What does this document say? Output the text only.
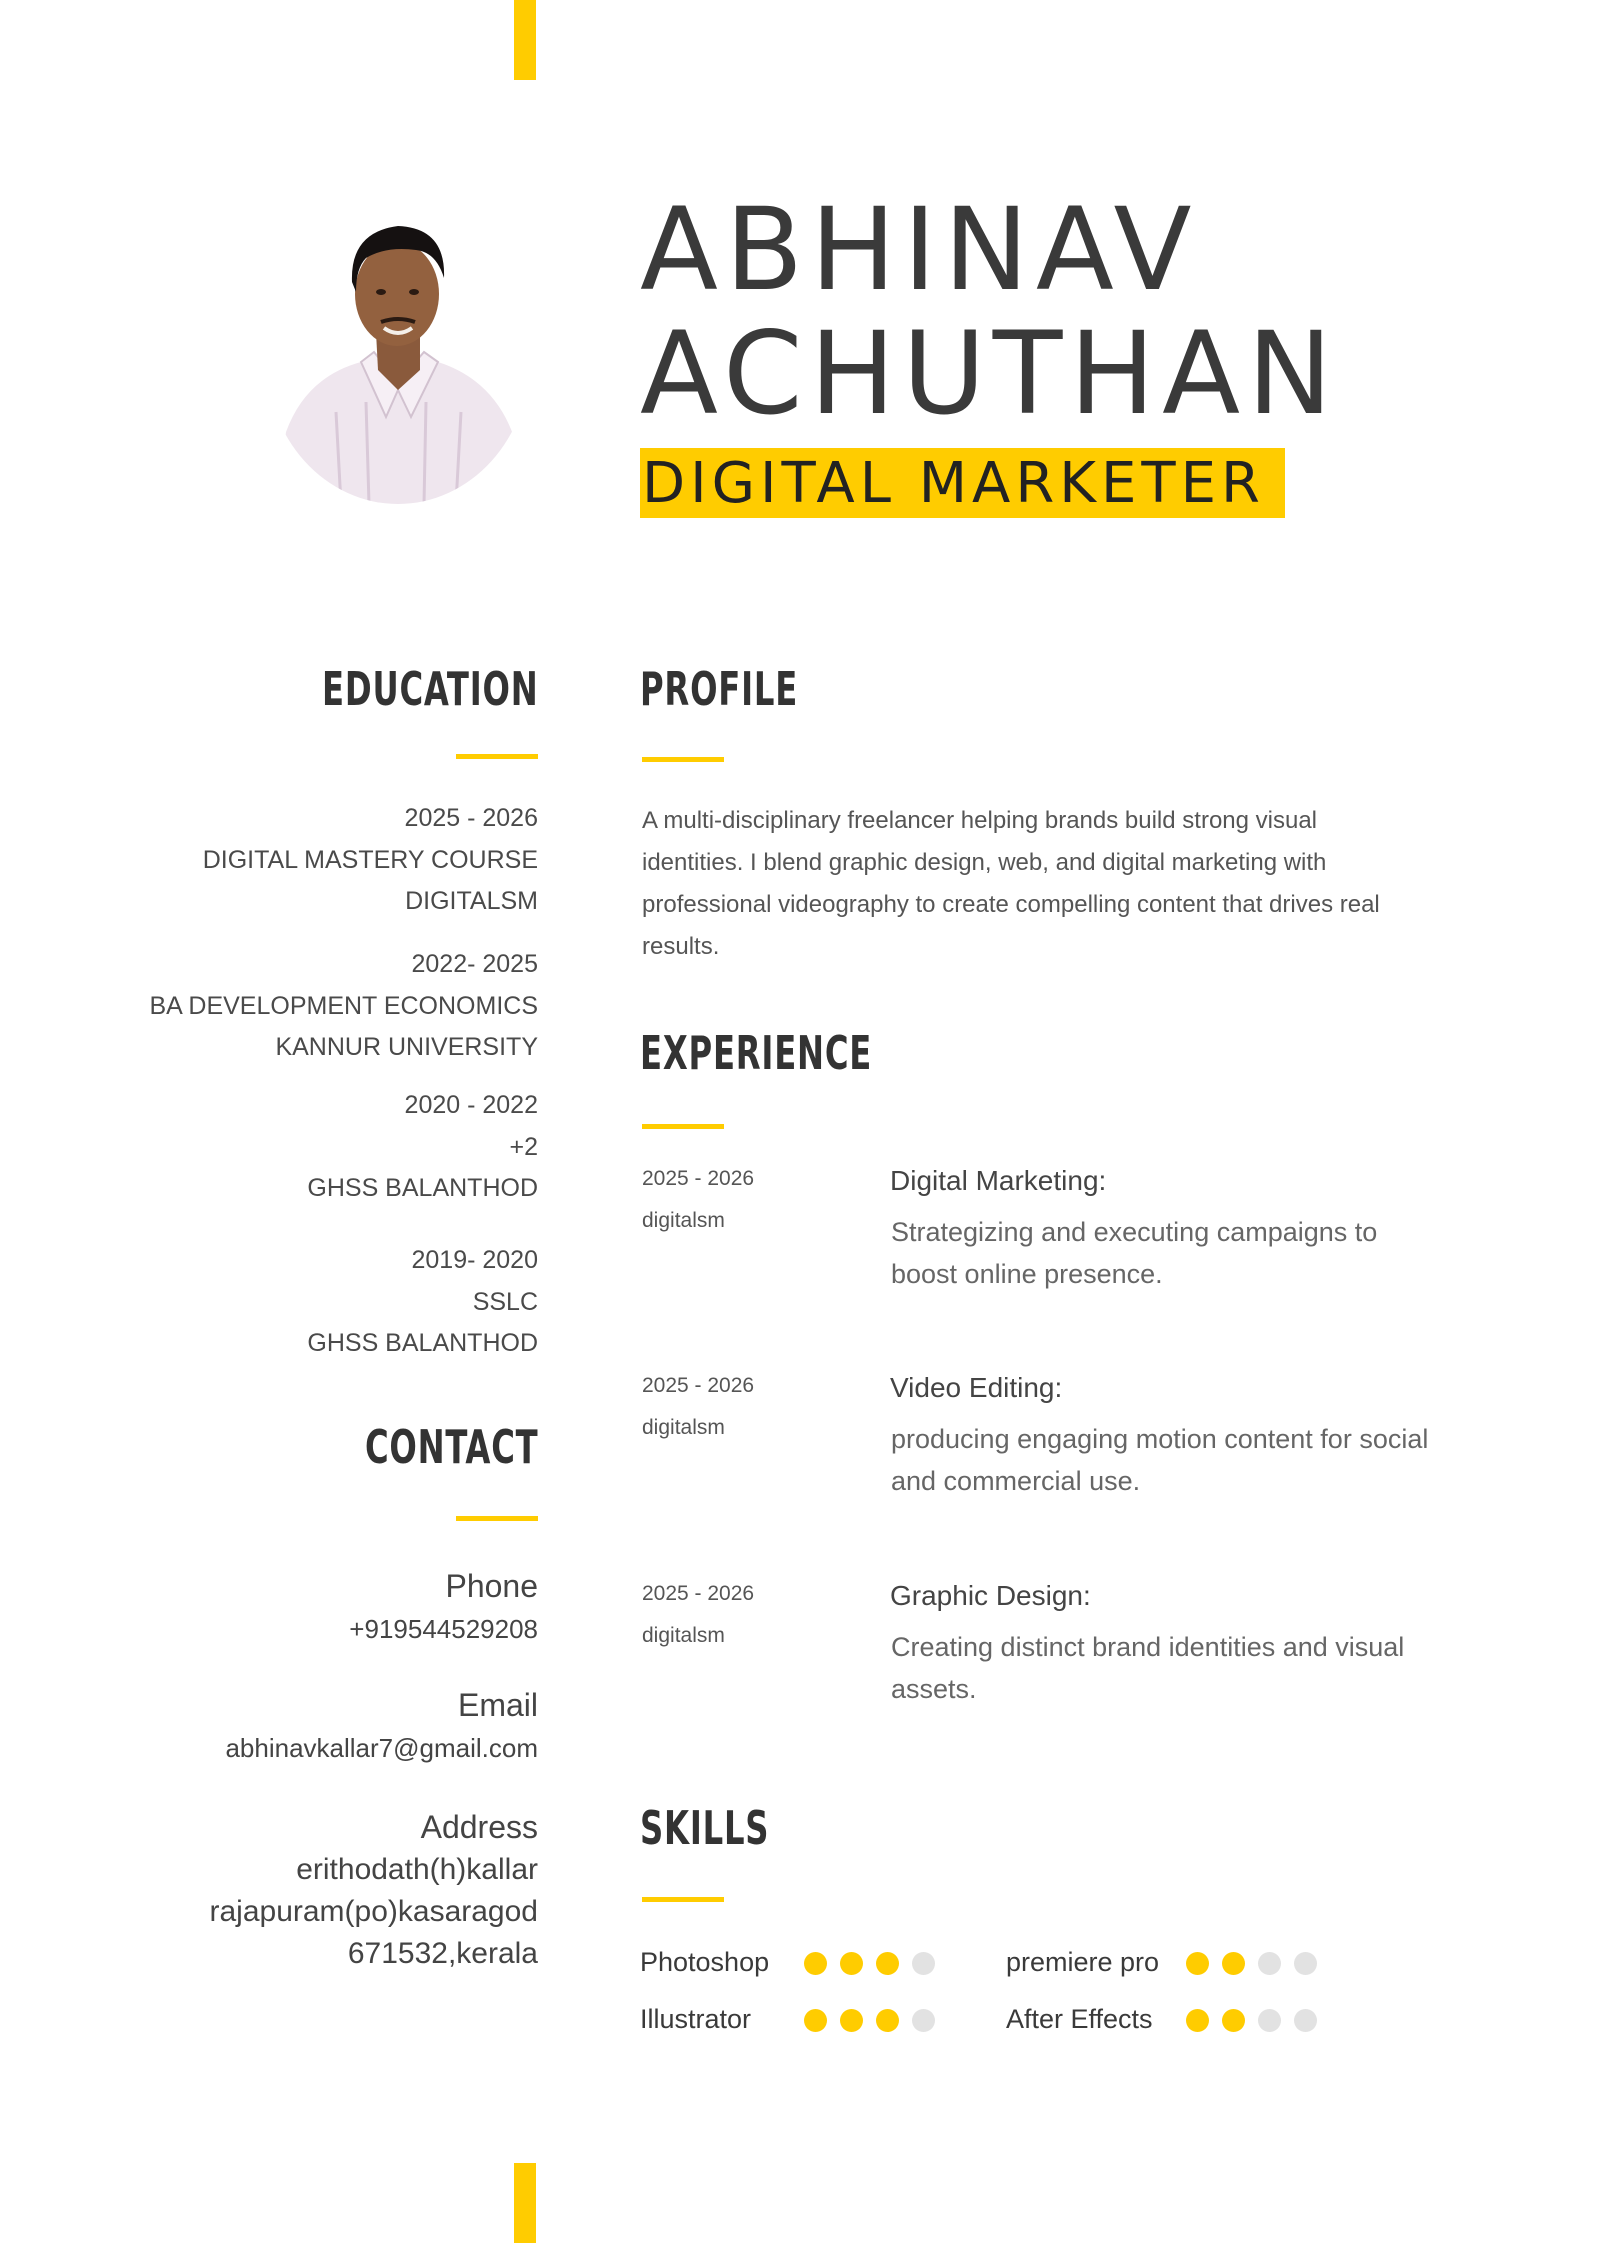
ABHINAV
ACHUTHAN
DIGITAL MARKETER
EDUCATION
2025 - 2026
DIGITAL MASTERY COURSE
DIGITALSM
2022- 2025
BA DEVELOPMENT ECONOMICS
KANNUR UNIVERSITY
2020 - 2022
+2
GHSS BALANTHOD
2019- 2020
SSLC
GHSS BALANTHOD
CONTACT
Phone
+919544529208
Email
abhinavkallar7@gmail.com
Address
erithodath(h)kallar
rajapuram(po)kasaragod
671532,kerala
PROFILE
A multi-disciplinary freelancer helping brands build strong visual identities. I blend graphic design, web, and digital marketing with professional videography to create compelling content that drives real results.
EXPERIENCE
2025 - 2026
digitalsm
Digital Marketing:
Strategizing and executing campaigns to boost online presence.
2025 - 2026
digitalsm
Video Editing:
producing engaging motion content for social and commercial use.
2025 - 2026
digitalsm
Graphic Design:
Creating distinct brand identities and visual assets.
SKILLS
Photoshop	premiere pro
Illustrator	After Effects
